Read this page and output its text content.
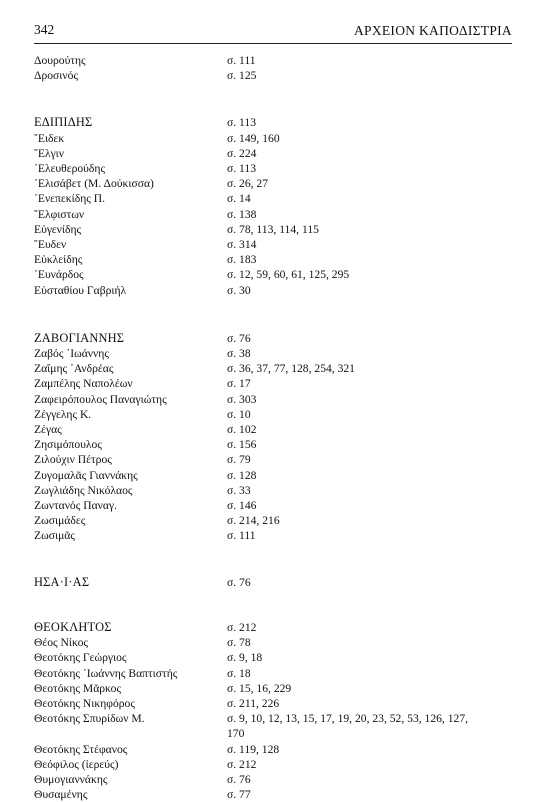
342	ΑΡΧΕΙΟΝ ΚΑΠΟΔΙΣΤΡΙΑ
Δουρούτης	σ. 111
Δροσινός	σ. 125
ΕΔΙΠΙΔΗΣ	σ. 113
῎Ειδεκ	σ. 149, 160
῎Ελγιν	σ. 224
᾿Ελευθερούδης	σ. 113
᾿Ελισάβετ (Μ. Δούκισσα)	σ. 26, 27
᾿Ενεπεκίδης Π.	σ. 14
῎Ελφιστων	σ. 138
Εὐγενίδης	σ. 78, 113, 114, 115
῞Ευδεν	σ. 314
Εὐκλείδης	σ. 183
᾿Ευνάρδος	σ. 12, 59, 60, 61, 125, 295
Εὐσταθίου Γαβριήλ	σ. 30
ΖΑΒΟΓΙΑΝΝΗΣ	σ. 76
Ζαβός ᾿Ιωάννης	σ. 38
Ζαΐμης ᾿Ανδρέας	σ. 36, 37, 77, 128, 254, 321
Ζαμπέλης Ναπολέων	σ. 17
Ζαφειρόπουλος Παναγιώτης	σ. 303
Ζέγγελης Κ.	σ. 10
Ζέγας	σ. 102
Ζησιμόπουλος	σ. 156
Ζιλούχιν Πέτρος	σ. 79
Ζυγομαλᾶς Γιαννάκης	σ. 128
Ζωγλιάδης Νικόλαος	σ. 33
Ζωντανός Παναγ.	σ. 146
Ζωσιμάδες	σ. 214, 216
Ζωσιμᾶς	σ. 111
ΗΣΑ·Ι·ΑΣ	σ. 76
ΘΕΟΚΛΗΤΟΣ	σ. 212
Θέος Νίκος	σ. 78
Θεοτόκης Γεώργιος	σ. 9, 18
Θεοτόκης ᾿Ιωάννης Βαπτιστής	σ. 18
Θεοτόκης Μᾶρκος	σ. 15, 16, 229
Θεοτόκης Νικηφόρος	σ. 211, 226
Θεοτόκης Σπυρίδων Μ.	σ. 9, 10, 12, 13, 15, 17, 19, 20, 23, 52, 53, 126, 127,
170
Θεοτόκης Στέφανος	σ. 119, 128
Θεόφιλος (ἱερεύς)	σ. 212
Θυμογιαννάκης	σ. 76
Θυσαμένης	σ. 77
